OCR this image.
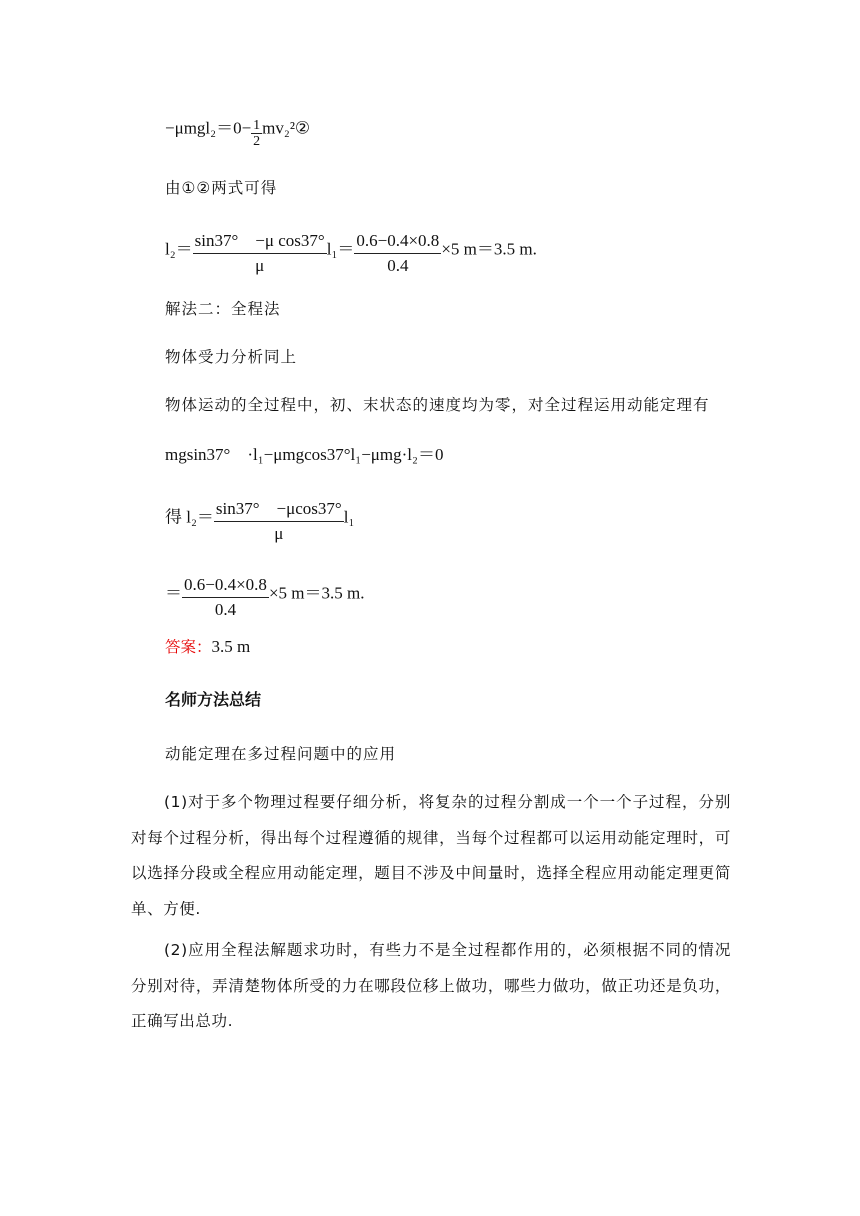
$-\mu mgl_2=0- \frac{1}{2}$ mv₂²②
由①②两式可得
$l_2= \frac{\text{sin37°　−μ cos37°}}{\mu} l_1= \frac{0.6-0.4\times 0.8}{0.4} \times 5$ m＝3.5 m.
解法二：全程法
物体受力分析同上
物体运动的全过程中，初、末状态的速度均为零，对全过程运用动能定理有
mgsin37°　·l₁−μmgcos37°l₁−μmg·l₂＝0
得 $l_2= \frac{\sin 37^\circ -\mu\cos 37^\circ}{\mu} l_1$
＝ $\frac{0.6-0.4\times 0.8}{0.4} \times 5$ m＝3.5 m.
答案：3.5 m
名师方法总结
动能定理在多过程问题中的应用
(1)对于多个物理过程要仔细分析，将复杂的过程分割成一个一个子过程，分别对每个过程分析，得出每个过程遵循的规律，当每个过程都可以运用动能定理时，可以选择分段或全程应用动能定理，题目不涉及中间量时，选择全程应用动能定理更简单、方便.
(2)应用全程法解题求功时，有些力不是全过程都作用的，必须根据不同的情况分别对待，弄清楚物体所受的力在哪段位移上做功，哪些力做功，做正功还是负功，正确写出总功.
